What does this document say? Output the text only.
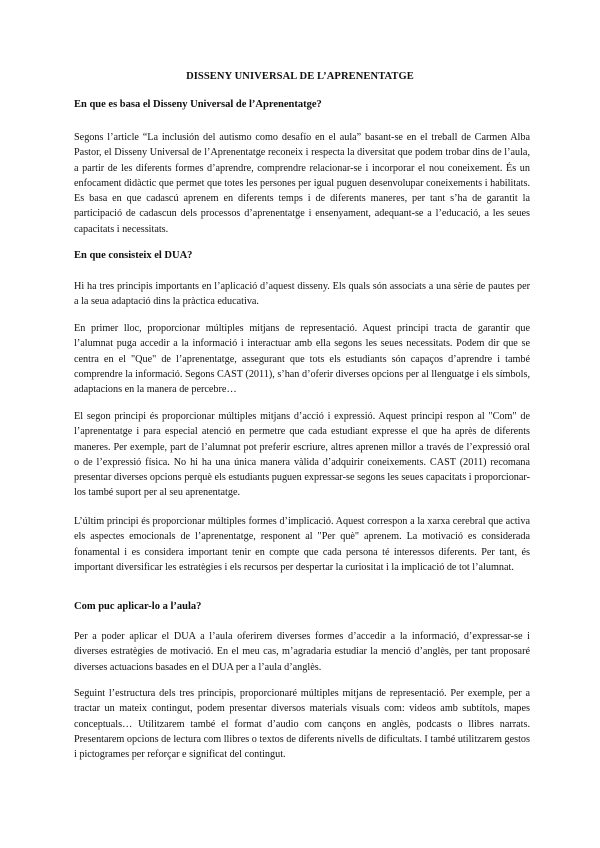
DISSENY UNIVERSAL DE L’APRENENTATGE
En que es basa el Disseny Universal de l’Aprenentatge?

Segons l’article “La inclusión del autismo como desafío en el aula” basant-se en el treball de Carmen Alba Pastor, el Disseny Universal de l’Aprenentatge reconeix i respecta la diversitat que podem trobar dins de l’aula, a partir de les diferents formes d’aprendre, comprendre relacionar-se i incorporar el nou coneixement. És un enfocament didàctic que permet que totes les persones per igual puguen desenvolupar coneixements i habilitats. Es basa en que cadascú aprenem en diferents temps i de diferents maneres, per tant s’ha de garantit la participació de cadascun dels processos d’aprenentatge i ensenyament, adequant-se a l’educació, a les seues capacitats i necessitats.

En que consisteix el DUA?

Hi ha tres principis importants en l’aplicació d’aquest disseny. Els quals són associats a una sèrie de pautes per a la seua adaptació dins la pràctica educativa.

En primer lloc, proporcionar múltiples mitjans de representació. Aquest principi tracta de garantir que l’alumnat puga accedir a la informació i interactuar amb ella segons les seues necessitats. Podem dir que se centra en el "Que" de l’aprenentatge, assegurant que tots els estudiants són capaços d’aprendre i també comprendre la informació. Segons CAST (2011), s’han d’oferir diverses opcions per al llenguatge i els símbols, adaptacions en la manera de percebre…

El segon principi és proporcionar múltiples mitjans d’acció i expressió. Aquest principi respon al "Com" de l’aprenentatge i para especial atenció en permetre que cada estudiant expresse el que ha après de diferents maneres. Per exemple, part de l’alumnat pot preferir escriure, altres aprenen millor a través de l’expressió oral o de l’expressió física. No hi ha una única manera vàlida d’adquirir coneixements. CAST (2011) recomana presentar diverses opcions perquè els estudiants puguen expressar-se segons les seues capacitats i proporcionar-los també suport per al seu aprenentatge.

L’últim principi és proporcionar múltiples formes d’implicació. Aquest correspon a la xarxa cerebral que activa els aspectes emocionals de l’aprenentatge, responent al "Per què" aprenem. La motivació es considerada fonamental i es considera important tenir en compte que cada persona té interessos diferents. Per tant, és important diversificar les estratègies i els recursos per despertar la curiositat i la implicació de tot l’alumnat.

Com puc aplicar-lo a l’aula?

Per a poder aplicar el DUA a l’aula oferirem diverses formes d’accedir a la informació, d’expressar-se i diverses estratègies de motivació. En el meu cas, m’agradaria estudiar la menció d’anglès, per tant proposaré diverses actuacions basades en el DUA per a l’aula d’anglès.

Seguint l’estructura dels tres principis, proporcionaré múltiples mitjans de representació. Per exemple, per a tractar un mateix contingut, podem presentar diversos materials visuals com: videos amb subtítols, mapes conceptuals… Utilitzarem també el format d’audio com cançons en anglès, podcasts o llibres narrats. Presentarem opcions de lectura com llibres o textos de diferents nivells de dificultats. I també utilitzarem gestos i pictogrames per reforçar e significat del contingut.
